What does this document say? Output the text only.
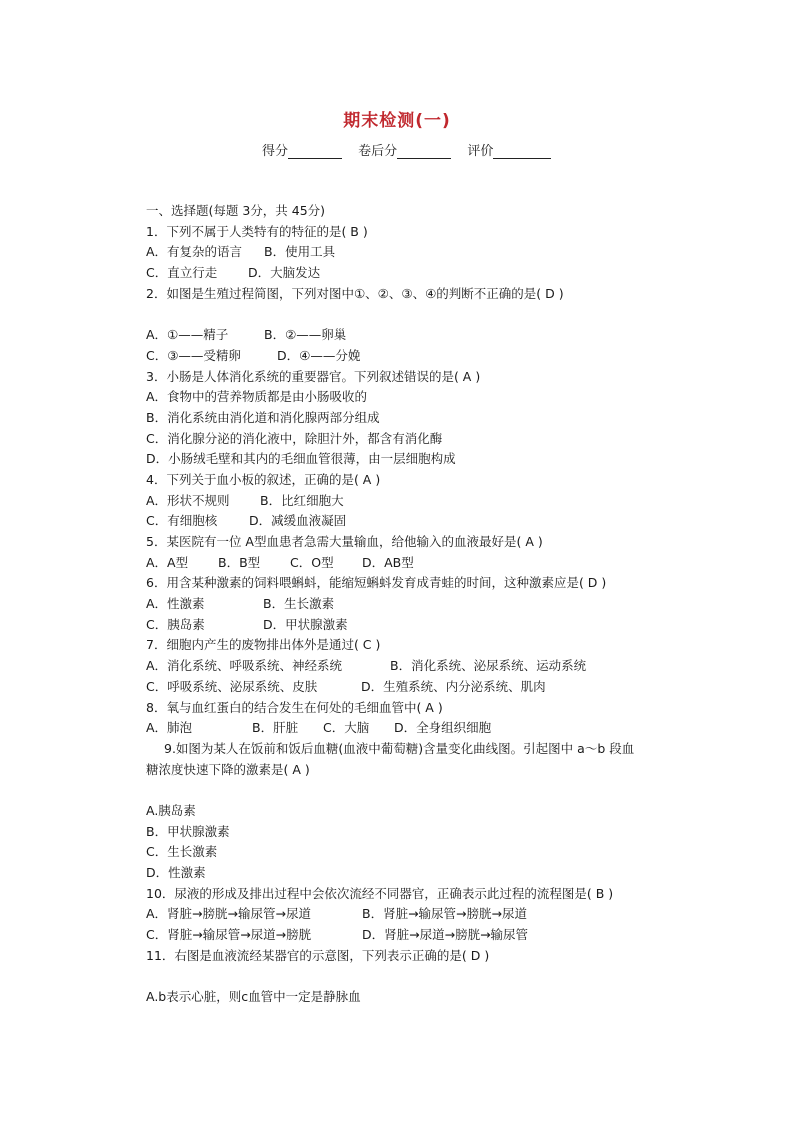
期末检测(一)
得分	卷后分	评价
一、选择题(每题 3分，共 45分)
1．下列不属于人类特有的特征的是( B )
A．有复杂的语言 B．使用工具
C．直立行走 D．大脑发达
2．如图是生殖过程简图，下列对图中①、②、③、④的判断不正确的是( D )
A．①——精子	B．②——卵巢
C．③——受精卵	D．④——分娩
3．小肠是人体消化系统的重要器官。下列叙述错误的是( A )
A．食物中的营养物质都是由小肠吸收的
B．消化系统由消化道和消化腺两部分组成
C．消化腺分泌的消化液中，除胆汁外，都含有消化酶
D．小肠绒毛壁和其内的毛细血管很薄，由一层细胞构成
4．下列关于血小板的叙述，正确的是( A )
A．形状不规则 B．比红细胞大
C．有细胞核	D．减缓血液凝固
5．某医院有一位 A型血患者急需大量输血，给他输入的血液最好是( A )
A．A型 B．B型 C．O型 D．AB型
6．用含某种激素的饲料喂蝌蚪，能缩短蝌蚪发育成青蛙的时间，这种激素应是( D )
A．性激素	B．生长激素
C．胰岛素	D．甲状腺激素
7．细胞内产生的废物排出体外是通过( C )
A．消化系统、呼吸系统、神经系统	B．消化系统、泌尿系统、运动系统
C．呼吸系统、泌尿系统、皮肤	D．生殖系统、内分泌系统、肌肉
8．氧与血红蛋白的结合发生在何处的毛细血管中( A )
A．肺泡	B．肝脏 C．大脑 D．全身组织细胞
9.如图为某人在饭前和饭后血糖(血液中葡萄糖)含量变化曲线图。引起图中 a～b 段血
糖浓度快速下降的激素是( A )
A.胰岛素
B．甲状腺激素
C．生长激素
D．性激素
10．尿液的形成及排出过程中会依次流经不同器官，正确表示此过程的流程图是( B )
A．肾脏→膀胱→输尿管→尿道	B．肾脏→输尿管→膀胱→尿道
C．肾脏→输尿管→尿道→膀胱	D．肾脏→尿道→膀胱→输尿管
11．右图是血液流经某器官的示意图，下列表示正确的是( D )
A.b表示心脏，则c血管中一定是静脉血
